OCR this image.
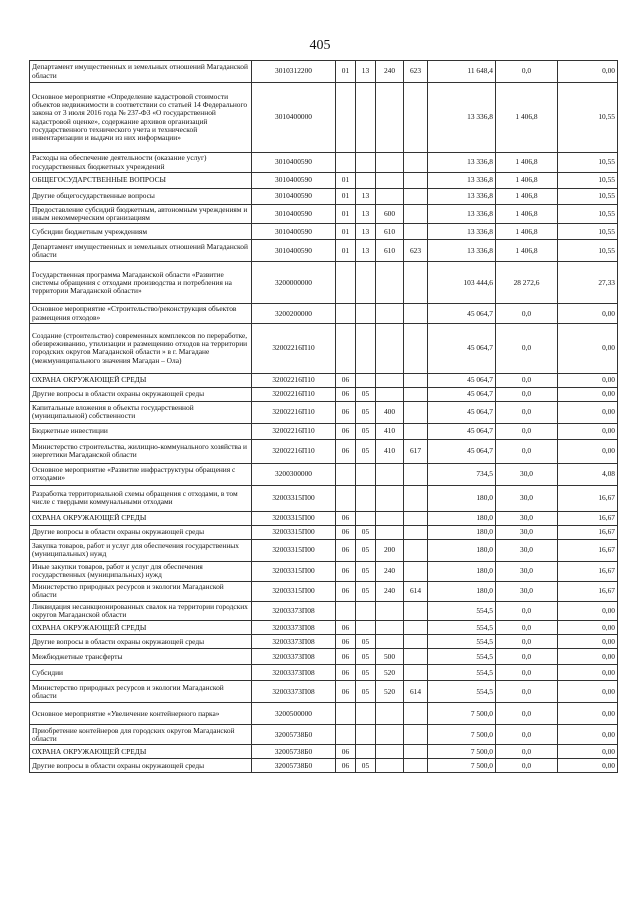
405
Департамент имущественных и земельных отношений Магаданской области	3010312200	01	13	240	623	11 648,4	0,0	0,00
Основное мероприятие «Определение кадастровой стоимости объектов недвижимости в соответствии со статьей 14 Федерального закона от 3 июля 2016 года № 237-ФЗ «О государственной кадастровой оценке», содержание архивов организаций государственного технического учета и технической инвентаризации и выдачи из них информации»	3010400000					13 336,8	1 406,8	10,55
Расходы на обеспечение деятельности (оказание услуг) государственных бюджетных учреждений	3010400590					13 336,8	1 406,8	10,55
ОБЩЕГОСУДАРСТВЕННЫЕ ВОПРОСЫ	3010400590	01				13 336,8	1 406,8	10,55
Другие общегосударственные вопросы	3010400590	01	13			13 336,8	1 406,8	10,55
Предоставление субсидий бюджетным, автономным учреждениям и иным некоммерческим организациям	3010400590	01	13	600		13 336,8	1 406,8	10,55
Субсидии бюджетным учреждениям	3010400590	01	13	610		13 336,8	1 406,8	10,55
Департамент имущественных и земельных отношений Магаданской области	3010400590	01	13	610	623	13 336,8	1 406,8	10,55
Государственная программа Магаданской области «Развитие системы обращения с отходами производства и потребления на территории Магаданской области»	3200000000					103 444,6	28 272,6	27,33
Основное мероприятие «Строительство/реконструкция объектов размещения отходов»	3200200000					45 064,7	0,0	0,00
Создание (строительство) современных комплексов по переработке, обезвреживанию, утилизации и размещению отходов на территории городских округов Магаданской области » в г. Магадане (межмуниципального значения Магадан – Ола)	32002216П10					45 064,7	0,0	0,00
ОХРАНА ОКРУЖАЮЩЕЙ СРЕДЫ	32002216П10	06				45 064,7	0,0	0,00
Другие вопросы в области охраны окружающей среды	32002216П10	06	05			45 064,7	0,0	0,00
Капитальные вложения в объекты государственной (муниципальной) собственности	32002216П10	06	05	400		45 064,7	0,0	0,00
Бюджетные инвестиции	32002216П10	06	05	410		45 064,7	0,0	0,00
Министерство строительства, жилищно-коммунального хозяйства и энергетики Магаданской области	32002216П10	06	05	410	617	45 064,7	0,0	0,00
Основное мероприятие «Развитие инфраструктуры обращения с отходами»	3200300000					734,5	30,0	4,08
Разработка территориальной схемы обращения с отходами, в том числе с твердыми коммунальными отходами	32003315П00					180,0	30,0	16,67
ОХРАНА ОКРУЖАЮЩЕЙ СРЕДЫ	32003315П00	06				180,0	30,0	16,67
Другие вопросы в области охраны окружающей среды	32003315П00	06	05			180,0	30,0	16,67
Закупка товаров, работ и услуг для обеспечения государственных (муниципальных) нужд	32003315П00	06	05	200		180,0	30,0	16,67
Иные закупки товаров, работ и услуг для обеспечения государственных (муниципальных) нужд	32003315П00	06	05	240		180,0	30,0	16,67
Министерство природных ресурсов и экологии Магаданской области	32003315П00	06	05	240	614	180,0	30,0	16,67
Ликвидация несанкционированных свалок на территории городских округов Магаданской области	32003373П08					554,5	0,0	0,00
ОХРАНА ОКРУЖАЮЩЕЙ СРЕДЫ	32003373П08	06				554,5	0,0	0,00
Другие вопросы в области охраны окружающей среды	32003373П08	06	05			554,5	0,0	0,00
Межбюджетные трансферты	32003373П08	06	05	500		554,5	0,0	0,00
Субсидии	32003373П08	06	05	520		554,5	0,0	0,00
Министерство природных ресурсов и экологии Магаданской области	32003373П08	06	05	520	614	554,5	0,0	0,00
Основное мероприятие «Увеличение контейнерного парка»	3200500000					7 500,0	0,0	0,00
Приобретение контейнеров для городских округов Магаданской области	32005738Б0					7 500,0	0,0	0,00
ОХРАНА ОКРУЖАЮЩЕЙ СРЕДЫ	32005738Б0	06				7 500,0	0,0	0,00
Другие вопросы в области охраны окружающей среды	32005738Б0	06	05			7 500,0	0,0	0,00
